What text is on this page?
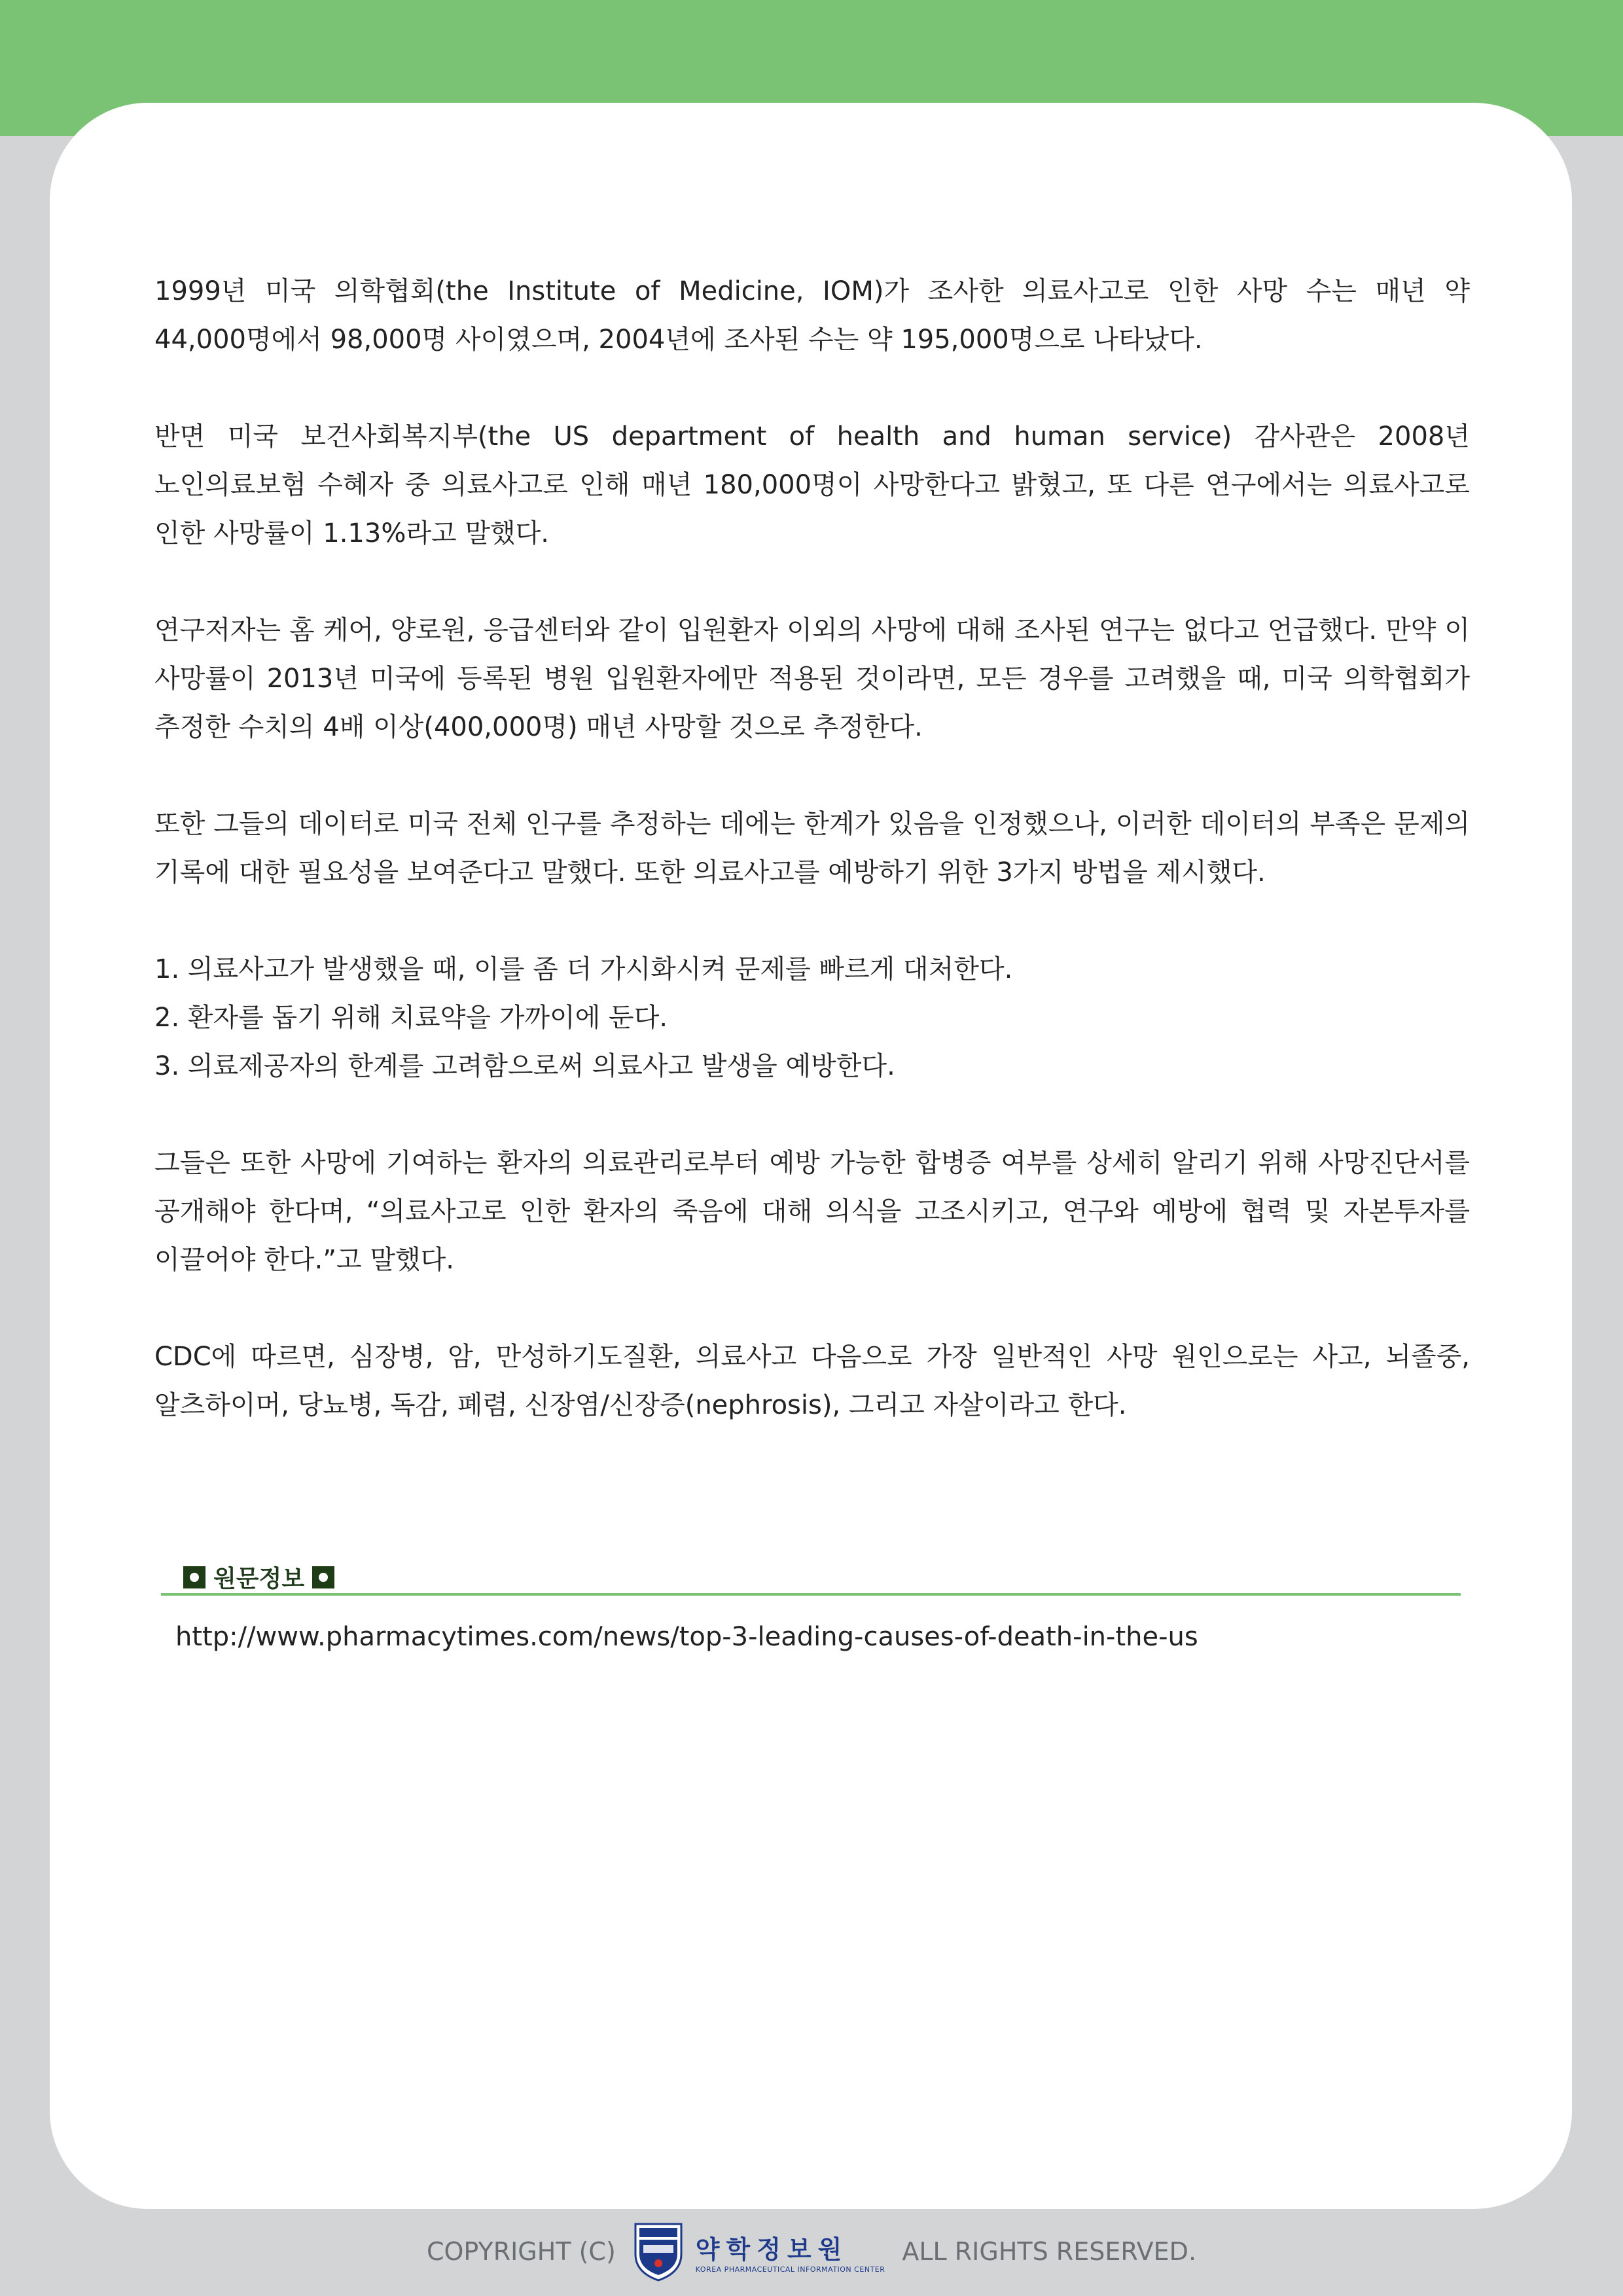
1999년 미국 의학협회(the Institute of Medicine, IOM)가 조사한 의료사고로 인한 사망 수는 매년 약 44,000명에서 98,000명 사이였으며, 2004년에 조사된 수는 약 195,000명으로 나타났다.

반면 미국 보건사회복지부(the US department of health and human service) 감사관은 2008년 노인의료보험 수혜자 중 의료사고로 인해 매년 180,000명이 사망한다고 밝혔고, 또 다른 연구에서는 의료사고로 인한 사망률이 1.13%라고 말했다.

연구저자는 홈 케어, 양로원, 응급센터와 같이 입원환자 이외의 사망에 대해 조사된 연구는 없다고 언급했다. 만약 이 사망률이 2013년 미국에 등록된 병원 입원환자에만 적용된 것이라면, 모든 경우를 고려했을 때, 미국 의학협회가 추정한 수치의 4배 이상(400,000명) 매년 사망할 것으로 추정한다.

또한 그들의 데이터로 미국 전체 인구를 추정하는 데에는 한계가 있음을 인정했으나, 이러한 데이터의 부족은 문제의 기록에 대한 필요성을 보여준다고 말했다. 또한 의료사고를 예방하기 위한 3가지 방법을 제시했다.

1. 의료사고가 발생했을 때, 이를 좀 더 가시화시켜 문제를 빠르게 대처한다.
2. 환자를 돕기 위해 치료약을 가까이에 둔다.
3. 의료제공자의 한계를 고려함으로써 의료사고 발생을 예방한다.

그들은 또한 사망에 기여하는 환자의 의료관리로부터 예방 가능한 합병증 여부를 상세히 알리기 위해 사망진단서를 공개해야 한다며, “의료사고로 인한 환자의 죽음에 대해 의식을 고조시키고, 연구와 예방에 협력 및 자본투자를 이끌어야 한다.”고 말했다.

CDC에 따르면, 심장병, 암, 만성하기도질환, 의료사고 다음으로 가장 일반적인 사망 원인으로는 사고, 뇌졸중, 알츠하이머, 당뇨병, 독감, 폐렴, 신장염/신장증(nephrosis), 그리고 자살이라고 한다.

원문정보
http://www.pharmacytimes.com/news/top-3-leading-causes-of-death-in-the-us
COPYRIGHT (C)	약학정보원
KOREA PHARMACEUTICAL INFORMATION CENTER
ALL RIGHTS RESERVED.
